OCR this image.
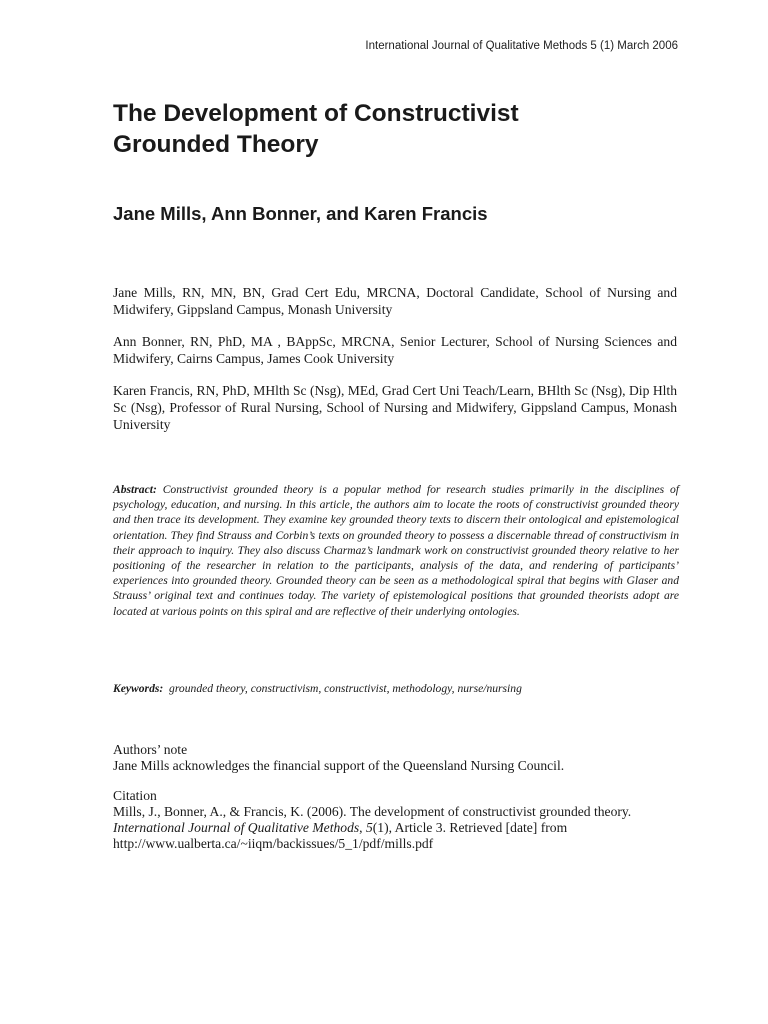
International Journal of Qualitative Methods 5 (1) March 2006
The Development of Constructivist
Grounded Theory
Jane Mills, Ann Bonner, and Karen Francis

Jane Mills, RN, MN, BN, Grad Cert Edu, MRCNA, Doctoral Candidate, School of Nursing and Midwifery, Gippsland Campus, Monash University

Ann Bonner, RN, PhD, MA , BAppSc, MRCNA, Senior Lecturer, School of Nursing Sciences and Midwifery, Cairns Campus, James Cook University

Karen Francis, RN, PhD, MHlth Sc (Nsg), MEd, Grad Cert Uni Teach/Learn, BHlth Sc (Nsg), Dip Hlth Sc (Nsg), Professor of Rural Nursing, School of Nursing and Midwifery, Gippsland Campus, Monash University

Abstract: Constructivist grounded theory is a popular method for research studies primarily in the disciplines of psychology, education, and nursing. In this article, the authors aim to locate the roots of constructivist grounded theory and then trace its development. They examine key grounded theory texts to discern their ontological and epistemological orientation. They find Strauss and Corbin’s texts on grounded theory to possess a discernable thread of constructivism in their approach to inquiry. They also discuss Charmaz’s landmark work on constructivist grounded theory relative to her positioning of the researcher in relation to the participants, analysis of the data, and rendering of participants’ experiences into grounded theory. Grounded theory can be seen as a methodological spiral that begins with Glaser and Strauss’ original text and continues today. The variety of epistemological positions that grounded theorists adopt are located at various points on this spiral and are reflective of their underlying ontologies.

Keywords: grounded theory, constructivism, constructivist, methodology, nurse/nursing
Authors’ note
Jane Mills acknowledges the financial support of the Queensland Nursing Council.
Citation
Mills, J., Bonner, A., & Francis, K. (2006). The development of constructivist grounded theory.
International Journal of Qualitative Methods, 5(1), Article 3. Retrieved [date] from
http://www.ualberta.ca/~iiqm/backissues/5_1/pdf/mills.pdf
